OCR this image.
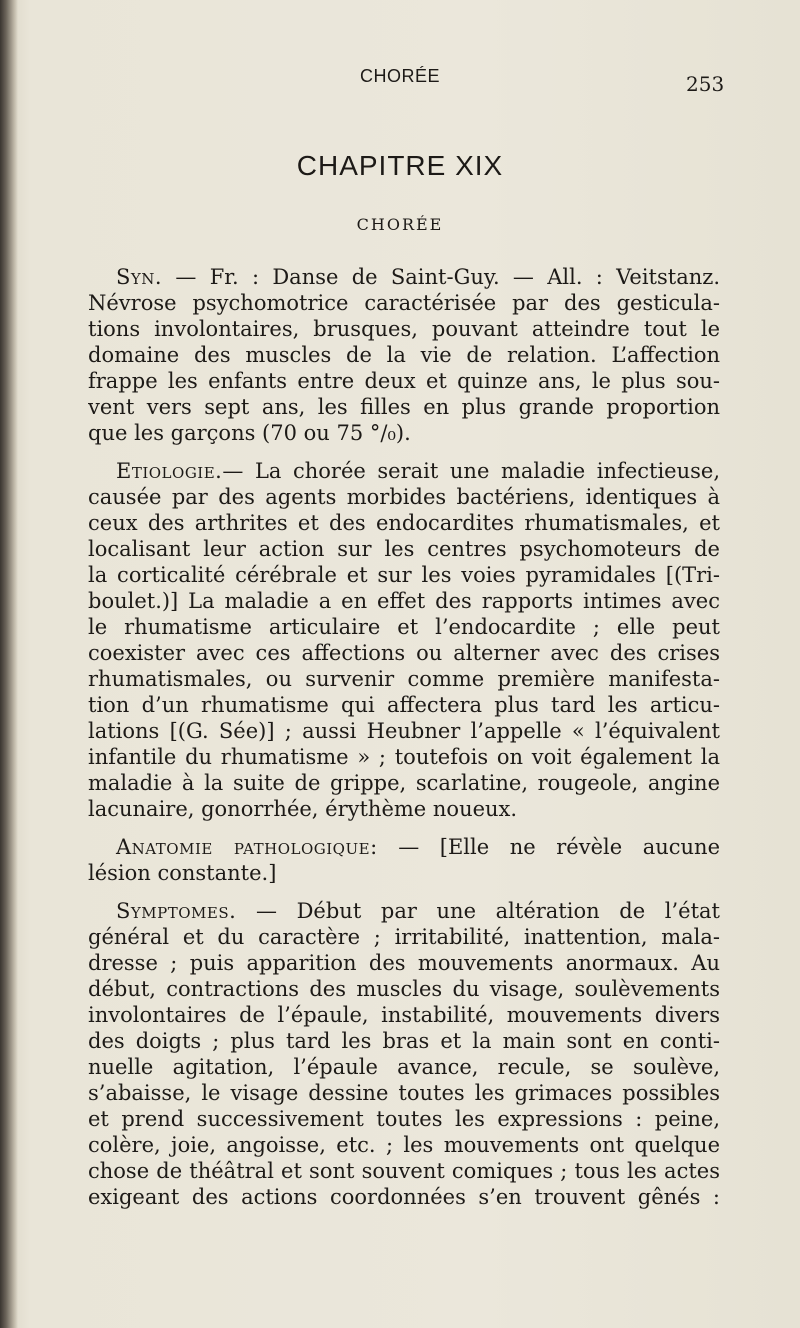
CHORÉE	253
CHAPITRE XIX
CHORÉE
Syn. — Fr. : Danse de Saint-Guy. — All. : Veitstanz.
Névrose psychomotrice caractérisée par des gesticula-
tions involontaires, brusques, pouvant atteindre tout le
domaine des muscles de la vie de relation. L’affection
frappe les enfants entre deux et quinze ans, le plus sou-
vent vers sept ans, les filles en plus grande proportion
que les garçons (70 ou 75 °/₀).
Etiologie.— La chorée serait une maladie infectieuse,
causée par des agents morbides bactériens, identiques à
ceux des arthrites et des endocardites rhumatismales, et
localisant leur action sur les centres psychomoteurs de
la corticalité cérébrale et sur les voies pyramidales [(Tri-
boulet.)] La maladie a en effet des rapports intimes avec
le rhumatisme articulaire et l’endocardite ; elle peut
coexister avec ces affections ou alterner avec des crises
rhumatismales, ou survenir comme première manifesta-
tion d’un rhumatisme qui affectera plus tard les articu-
lations [(G. Sée)] ; aussi Heubner l’appelle « l’équivalent
infantile du rhumatisme » ; toutefois on voit également la
maladie à la suite de grippe, scarlatine, rougeole, angine
lacunaire, gonorrhée, érythème noueux.
Anatomie pathologique: — [Elle ne révèle aucune
lésion constante.]
Symptomes. — Début par une altération de l’état
général et du caractère ; irritabilité, inattention, mala-
dresse ; puis apparition des mouvements anormaux. Au
début, contractions des muscles du visage, soulèvements
involontaires de l’épaule, instabilité, mouvements divers
des doigts ; plus tard les bras et la main sont en conti-
nuelle agitation, l’épaule avance, recule, se soulève,
s’abaisse, le visage dessine toutes les grimaces possibles
et prend successivement toutes les expressions : peine,
colère, joie, angoisse, etc. ; les mouvements ont quelque
chose de théâtral et sont souvent comiques ; tous les actes
exigeant des actions coordonnées s’en trouvent gênés :
